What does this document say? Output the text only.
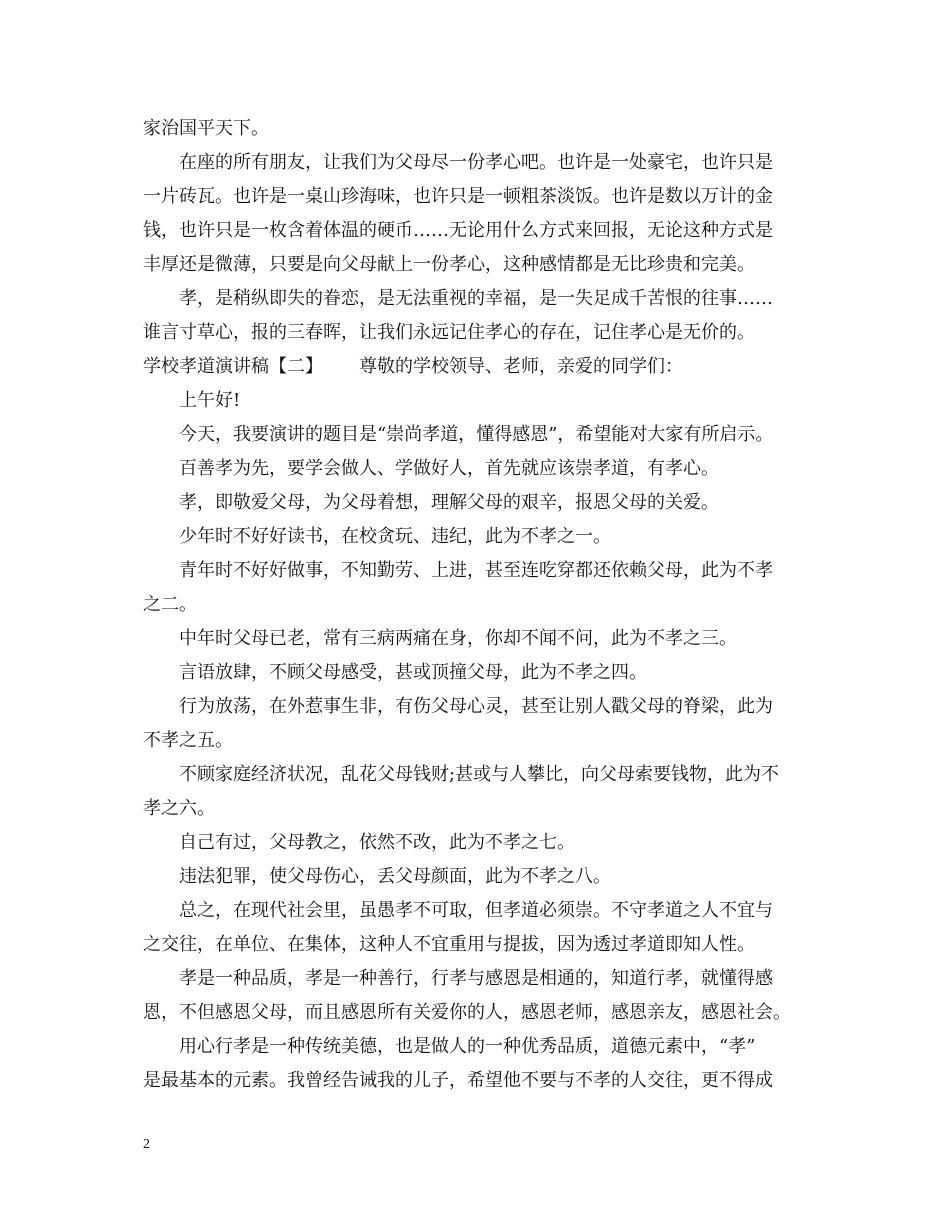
家治国平天下。
在座的所有朋友，让我们为父母尽一份孝心吧。也许是一处豪宅，也许只是
一片砖瓦。也许是一桌山珍海味，也许只是一顿粗茶淡饭。也许是数以万计的金
钱，也许只是一枚含着体温的硬币……无论用什么方式来回报，无论这种方式是
丰厚还是微薄，只要是向父母献上一份孝心，这种感情都是无比珍贵和完美。
孝，是稍纵即失的眷恋，是无法重视的幸福，是一失足成千苦恨的往事……
谁言寸草心，报的三春晖，让我们永远记住孝心的存在，记住孝心是无价的。
学校孝道演讲稿【二】 尊敬的学校领导、老师，亲爱的同学们：
上午好!
今天，我要演讲的题目是“崇尚孝道，懂得感恩”，希望能对大家有所启示。
百善孝为先，要学会做人、学做好人，首先就应该崇孝道，有孝心。
孝，即敬爱父母，为父母着想，理解父母的艰辛，报恩父母的关爱。
少年时不好好读书，在校贪玩、违纪，此为不孝之一。
青年时不好好做事，不知勤劳、上进，甚至连吃穿都还依赖父母，此为不孝
之二。
中年时父母已老，常有三病两痛在身，你却不闻不问，此为不孝之三。
言语放肆，不顾父母感受，甚或顶撞父母，此为不孝之四。
行为放荡，在外惹事生非，有伤父母心灵，甚至让别人戳父母的脊梁，此为
不孝之五。
不顾家庭经济状况，乱花父母钱财;甚或与人攀比，向父母索要钱物，此为不
孝之六。
自己有过，父母教之，依然不改，此为不孝之七。
违法犯罪，使父母伤心，丢父母颜面，此为不孝之八。
总之，在现代社会里，虽愚孝不可取，但孝道必须崇。不守孝道之人不宜与
之交往，在单位、在集体，这种人不宜重用与提拔，因为透过孝道即知人性。
孝是一种品质，孝是一种善行，行孝与感恩是相通的，知道行孝，就懂得感
恩，不但感恩父母，而且感恩所有关爱你的人，感恩老师，感恩亲友，感恩社会。
用心行孝是一种传统美德，也是做人的一种优秀品质，道德元素中，“孝”
是最基本的元素。我曾经告诫我的儿子，希望他不要与不孝的人交往，更不得成
2
